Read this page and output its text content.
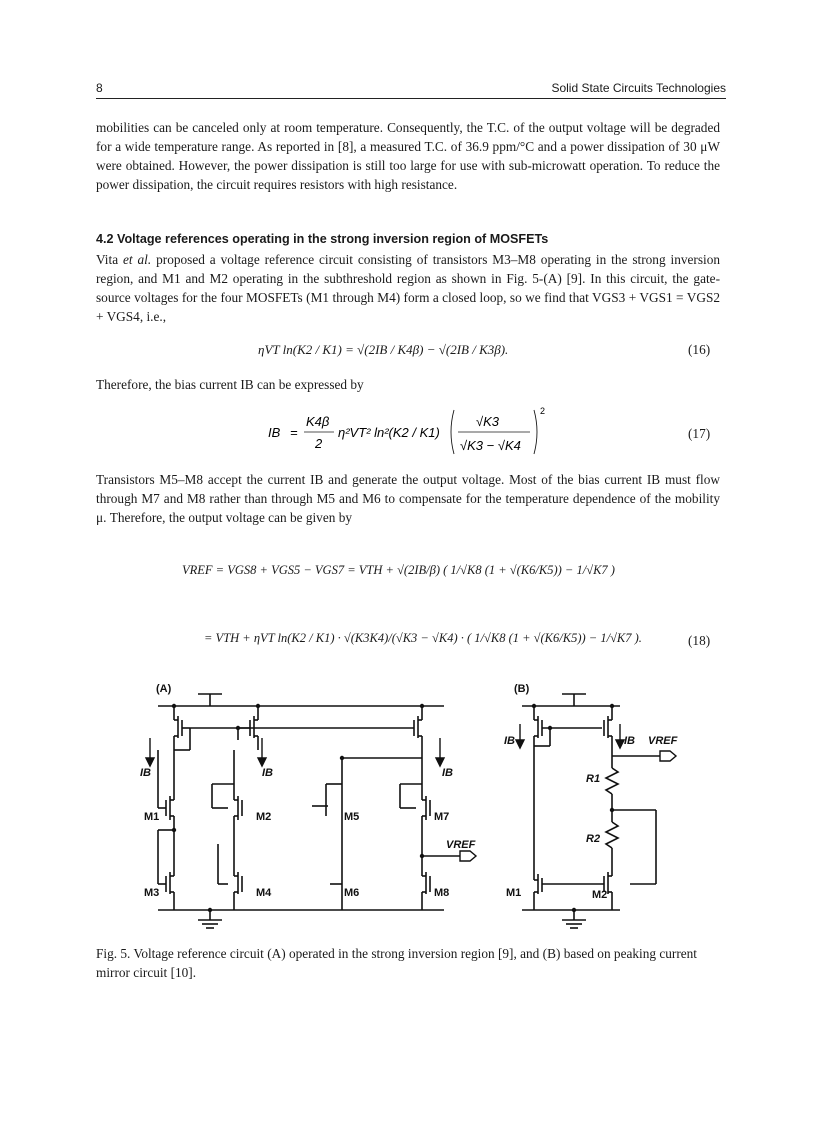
8	Solid State Circuits Technologies

mobilities can be canceled only at room temperature. Consequently, the T.C. of the output voltage will be degraded for a wide temperature range. As reported in [8], a measured T.C. of 36.9 ppm/°C and a power dissipation of 30 μW were obtained. However, the power dissipation is still too large for use with sub-microwatt operation. To reduce the power dissipation, the circuit requires resistors with high resistance.

4.2 Voltage references operating in the strong inversion region of MOSFETs

Vita et al. proposed a voltage reference circuit consisting of transistors M3–M8 operating in the strong inversion region, and M1 and M2 operating in the subthreshold region as shown in Fig. 5-(A) [9]. In this circuit, the gate-source voltages for the four MOSFETs (M1 through M4) form a closed loop, so we find that VGS3 + VGS1 = VGS2 + VGS4, i.e.,

ηVT ln(K2 / K1) = √(2IB / K4β) − √(2IB / K3β).	(16)

Therefore, the bias current IB can be expressed by

IB =
K4β
2
η²VT² ln²(K2 / K1)
√K3
√K3 − √K4
2
(17)

Transistors M5–M8 accept the current IB and generate the output voltage. Most of the bias current IB must flow through M7 and M8 rather than through M5 and M6 to compensate for the temperature dependence of the mobility μ. Therefore, the output voltage can be given by

VREF = VGS8 + VGS5 − VGS7 = VTH + √(2IB/β) ( 1/√K8 (1 + √(K6/K5)) − 1/√K7 )
= VTH + ηVT ln(K2 / K1) · √(K3K4)/(√K3 − √K4) · ( 1/√K8 (1 + √(K6/K5)) − 1/√K7 ).	(18)
(A)	(B)
IB	IB	IB
M1	M2
M3	M4
M5
M6
M7
M8
VREF
IB	IB VREF
R1
R2
M1	M2

Fig. 5. Voltage reference circuit (A) operated in the strong inversion region [9], and (B) based on peaking current mirror circuit [10].
